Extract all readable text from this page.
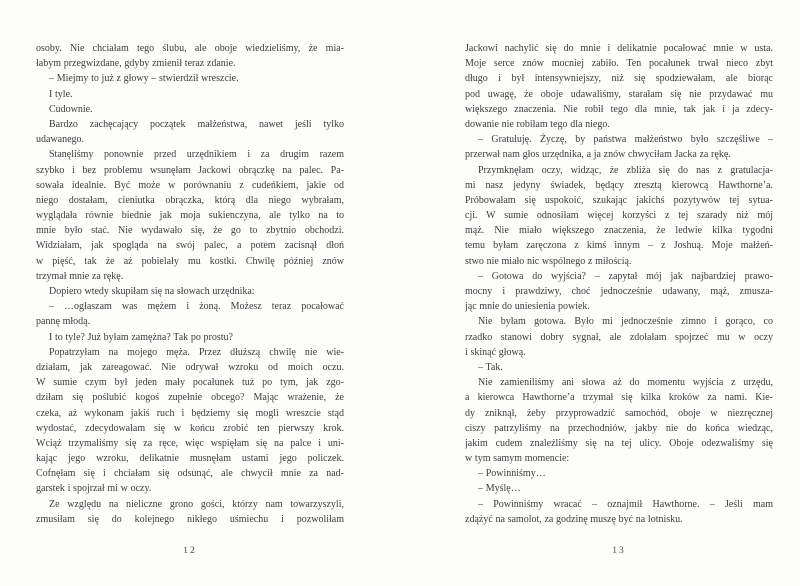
osoby. Nie chciałam tego ślubu, ale oboje wiedzieliśmy, że mia-
łabym przegwizdane, gdyby zmienił teraz zdanie.
– Miejmy to już z głowy – stwierdził wreszcie.
I tyle.
Cudownie.
Bardzo zachęcający początek małżeństwa, nawet jeśli tylko
udawanego.
Stanęliśmy ponownie przed urzędnikiem i za drugim razem
szybko i bez problemu wsunęłam Jackowi obrączkę na palec. Pa-
sowała idealnie. Być może w porównaniu z cudeńkiem, jakie od
niego dostałam, cieniutka obrączka, którą dla niego wybrałam,
wyglądała równie biednie jak moja sukienczyna, ale tylko na to
mnie było stać. Nie wydawało się, że go to zbytnio obchodzi.
Widziałam, jak spogląda na swój palec, a potem zacisnął dłoń
w pięść, tak że aż pobielały mu kostki. Chwilę później znów
trzymał mnie za rękę.
Dopiero wtedy skupiłam się na słowach urzędnika:
– …ogłaszam was mężem i żoną. Możesz teraz pocałować
pannę młodą.
I to tyle? Już byłam zamężna? Tak po prostu?
Popatrzyłam na mojego męża. Przez dłuższą chwilę nie wie-
działam, jak zareagować. Nie odrywał wzroku od moich oczu.
W sumie czym był jeden mały pocałunek tuż po tym, jak zgo-
dziłam się poślubić kogoś zupełnie obcego? Mając wrażenie, że
czeka, aż wykonam jakiś ruch i będziemy się mogli wreszcie stąd
wydostać, zdecydowałam się w końcu zrobić ten pierwszy krok.
Wciąż trzymaliśmy się za ręce, więc wspięłam się na palce i uni-
kając jego wzroku, delikatnie musnęłam ustami jego policzek.
Cofnęłam się i chciałam się odsunąć, ale chwycił mnie za nad-
garstek i spojrzał mi w oczy.
Ze względu na nieliczne grono gości, którzy nam towarzyszyli,
zmusiłam się do kolejnego nikłego uśmiechu i pozwoliłam
12
Jackowi nachylić się do mnie i delikatnie pocałować mnie w usta.
Moje serce znów mocniej zabiło. Ten pocałunek trwał nieco zbyt
długo i był intensywniejszy, niż się spodziewałam, ale biorąc
pod uwagę, że oboje udawaliśmy, starałam się nie przydawać mu
większego znaczenia. Nie robił tego dla mnie, tak jak i ja zdecy-
dowanie nie robiłam tego dla niego.
– Gratuluję. Życzę, by państwa małżeństwo było szczęśliwe –
przerwał nam głos urzędnika, a ja znów chwyciłam Jacka za rękę.
Przymknęłam oczy, widząc, że zbliża się do nas z gratulacja-
mi nasz jedyny świadek, będący zresztą kierowcą Hawthorne’a.
Próbowałam się uspokoić, szukając jakichś pozytywów tej sytua-
cji. W sumie odnosiłam więcej korzyści z tej szarady niż mój
mąż. Nie miało większego znaczenia, że ledwie kilka tygodni
temu byłam zaręczona z kimś innym – z Joshuą. Moje małżeń-
stwo nie miało nic wspólnego z miłością.
– Gotowa do wyjścia? – zapytał mój jak najbardziej prawo-
mocny i prawdziwy, choć jednocześnie udawany, mąż, zmusza-
jąc mnie do uniesienia powiek.
Nie byłam gotowa. Było mi jednocześnie zimno i gorąco, co
rzadko stanowi dobry sygnał, ale zdołałam spojrzeć mu w oczy
i skinąć głową.
– Tak.
Nie zamieniliśmy ani słowa aż do momentu wyjścia z urzędu,
a kierowca Hawthorne’a trzymał się kilka kroków za nami. Kie-
dy zniknął, żeby przyprowadzić samochód, oboje w niezręcznej
ciszy patrzyliśmy na przechodniów, jakby nie do końca wiedząc,
jakim cudem znaleźliśmy się na tej ulicy. Oboje odezwaliśmy się
w tym samym momencie:
– Powinniśmy…
– Myślę…
– Powinniśmy wracać – oznajmił Hawthorne. – Jeśli mam
zdążyć na samolot, za godzinę muszę być na lotnisku.
13
